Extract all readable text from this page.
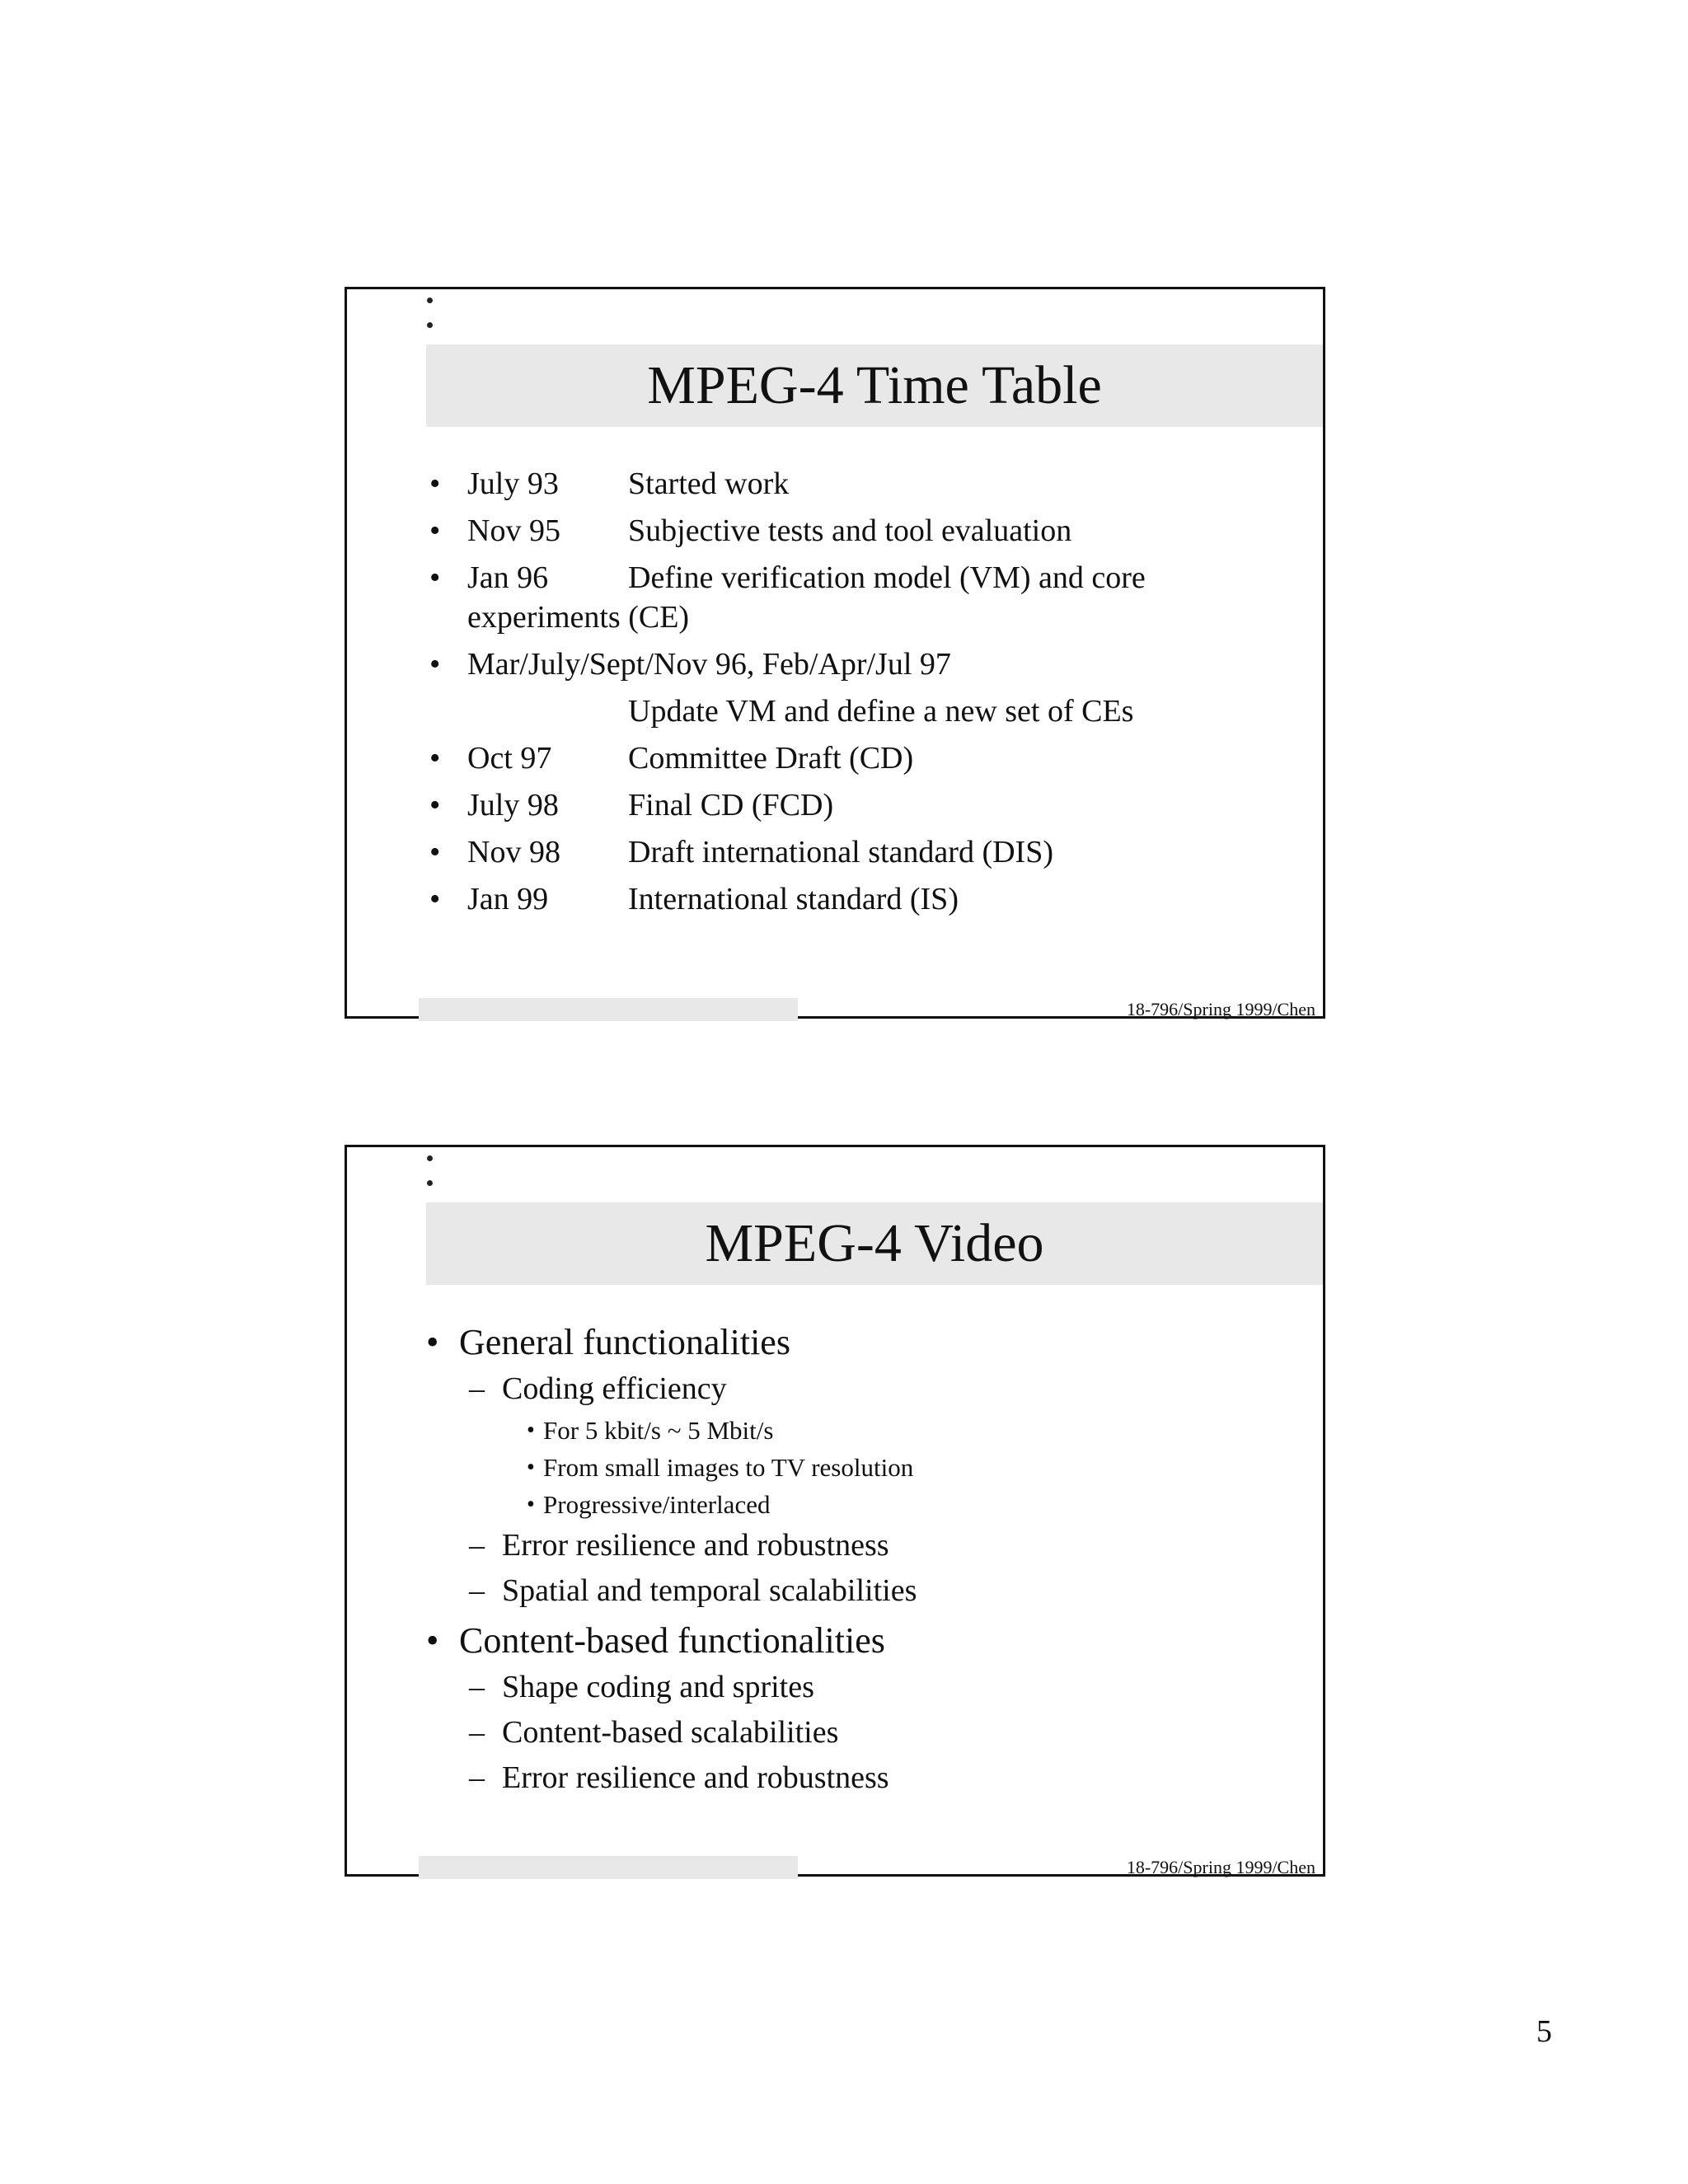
MPEG-4 Time Table
• July 93 Started work
• Nov 95 Subjective tests and tool evaluation
• Jan 96	Define verification model (VM) and core
experiments (CE)
• Mar/July/Sept/Nov 96, Feb/Apr/Jul 97
Update VM and define a new set of CEs
• Oct 97 Committee Draft (CD)
• July 98 Final CD (FCD)
• Nov 98 Draft international standard (DIS)
• Jan 99	International standard (IS)
18-796/Spring 1999/Chen
MPEG-4 Video
• General functionalities
– Coding efficiency
• For 5 kbit/s ~ 5 Mbit/s
• From small images to TV resolution
• Progressive/interlaced
– Error resilience and robustness
– Spatial and temporal scalabilities
• Content-based functionalities
– Shape coding and sprites
– Content-based scalabilities
– Error resilience and robustness
18-796/Spring 1999/Chen
5
